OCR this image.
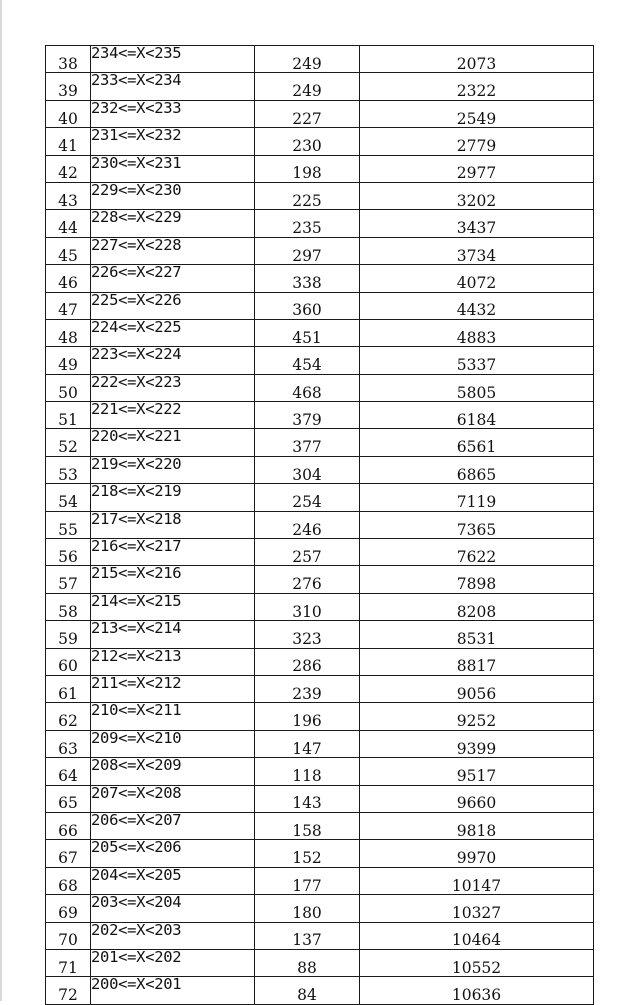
38	234<=X<235	249	2073
39	233<=X<234	249	2322
40	232<=X<233	227	2549
41	231<=X<232	230	2779
42	230<=X<231	198	2977
43	229<=X<230	225	3202
44	228<=X<229	235	3437
45	227<=X<228	297	3734
46	226<=X<227	338	4072
47	225<=X<226	360	4432
48	224<=X<225	451	4883
49	223<=X<224	454	5337
50	222<=X<223	468	5805
51	221<=X<222	379	6184
52	220<=X<221	377	6561
53	219<=X<220	304	6865
54	218<=X<219	254	7119
55	217<=X<218	246	7365
56	216<=X<217	257	7622
57	215<=X<216	276	7898
58	214<=X<215	310	8208
59	213<=X<214	323	8531
60	212<=X<213	286	8817
61	211<=X<212	239	9056
62	210<=X<211	196	9252
63	209<=X<210	147	9399
64	208<=X<209	118	9517
65	207<=X<208	143	9660
66	206<=X<207	158	9818
67	205<=X<206	152	9970
68	204<=X<205	177	10147
69	203<=X<204	180	10327
70	202<=X<203	137	10464
71	201<=X<202	88	10552
72	200<=X<201	84	10636
